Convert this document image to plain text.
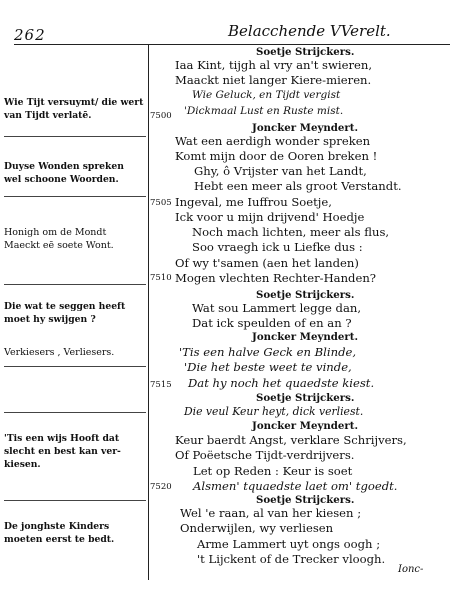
262	Belacchende VVerelt.
Wie Tijt versuymt/ die wert van Tijdt verlatē.
Duyse Wonden spreken wel schoone Woorden.
Honigh om de Mondt Maeckt eē soete Wont.
Die wat te seggen heeft moet hy swijgen ?
Verkiesers , Verliesers.
'Tis een wijs Hooft dat slecht en best kan ver-kiesen.
De jonghste Kinders moeten eerst te bedt.
7500
7505
7510
7515
7520
Soetje Strijckers.
Joncker Meyndert.
Soetje Strijckers.
Joncker Meyndert.
Soetje Strijckers.
Joncker Meyndert.
Soetje Strijckers.
Iaa Kint, tijgh al vry an't swieren,
Maackt niet langer Kiere-mieren.
Wie Geluck, en Tijdt vergist
'Dickmaal Lust en Ruste mist.
Wat een aerdigh wonder spreken
Komt mijn door de Ooren breken !
Ghy, ô Vrijster van het Landt,
Hebt een meer als groot Verstandt.
Ingeval, me Iuffrou Soetje,
Ick voor u mijn drijvend' Hoedje
Noch mach lichten, meer als flus,
Soo vraegh ick u Liefke dus :
Of wy t'samen (aen het landen)
Mogen vlechten Rechter-Handen?
Wat sou Lammert legge dan,
Dat ick speulden of en an ?
'Tis een halve Geck en Blinde,
'Die het beste weet te vinde,
Dat hy noch het quaedste kiest.
Die veul Keur heyt, dick verliest.
Keur baerdt Angst, verklare Schrijvers,
Of Poëetsche Tijdt-verdrijvers.
Let op Reden : Keur is soet
Alsmen' tquaedste laet om' tgoedt.
Wel 'e raan, al van her kiesen ;
Onderwijlen, wy verliesen
Arme Lammert uyt ongs oogh ;
't Lijckent of de Trecker vloogh.
Ionc-
